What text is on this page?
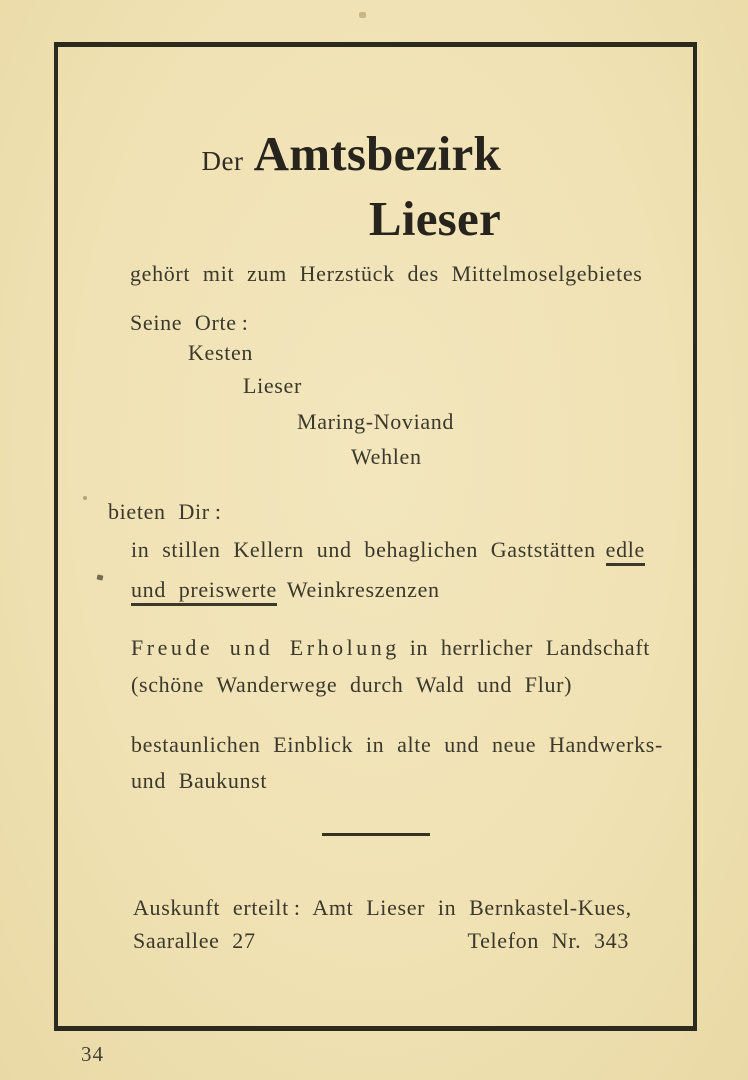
Der Amtsbezirk
Lieser
gehört mit zum Herzstück des Mittelmoselgebietes
Seine Orte :
Kesten
Lieser
Maring-Noviand
Wehlen
bieten Dir :
in stillen Kellern und behaglichen Gaststätten edle
und preiswerte Weinkreszenzen
Freude und Erholung in herrlicher Landschaft
(schöne Wanderwege durch Wald und Flur)
bestaunlichen Einblick in alte und neue Handwerks-
und Baukunst
Auskunft erteilt : Amt Lieser in Bernkastel-Kues,
Saarallee 27	Telefon Nr. 343
34
